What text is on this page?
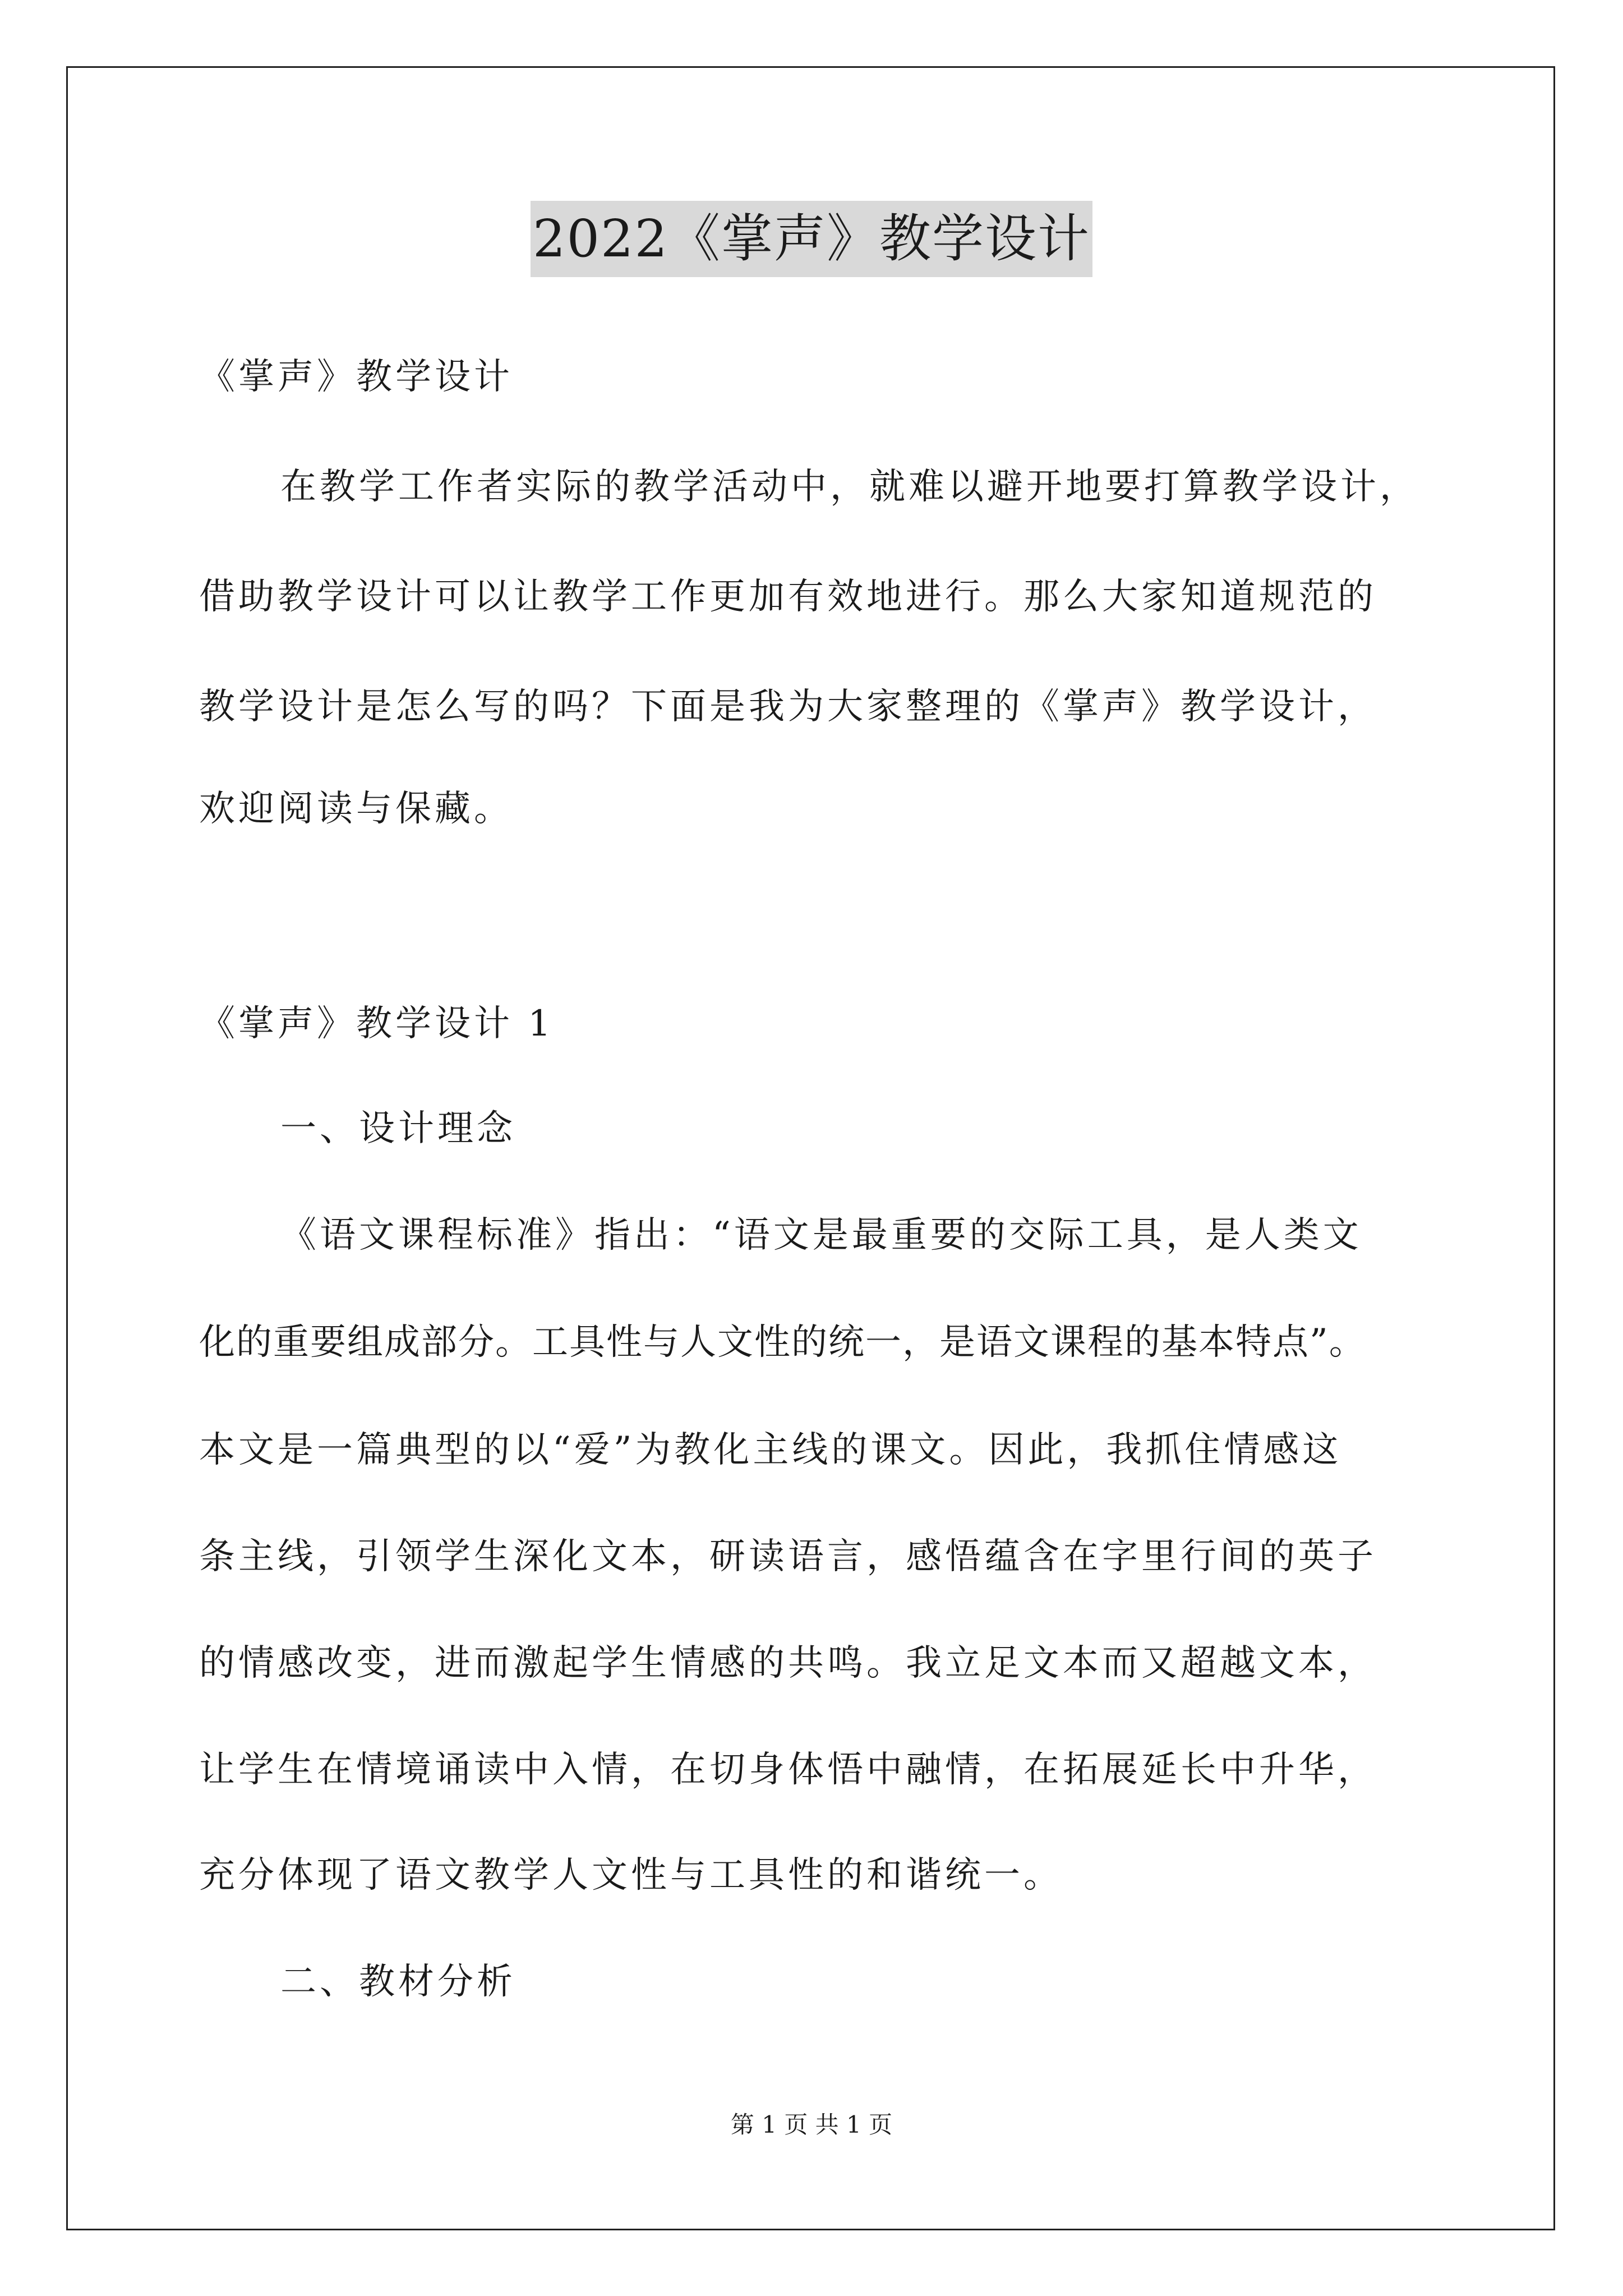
2022《掌声》教学设计
《掌声》教学设计
在教学工作者实际的教学活动中，就难以避开地要打算教学设计，
借助教学设计可以让教学工作更加有效地进行。那么大家知道规范的
教学设计是怎么写的吗？下面是我为大家整理的《掌声》教学设计，
欢迎阅读与保藏。
《掌声》教学设计 1
一、设计理念
《语文课程标准》指出：“语文是最重要的交际工具，是人类文
化的重要组成部分。工具性与人文性的统一，是语文课程的基本特点”。
本文是一篇典型的以“爱”为教化主线的课文。因此，我抓住情感这
条主线，引领学生深化文本，研读语言，感悟蕴含在字里行间的英子
的情感改变，进而激起学生情感的共鸣。我立足文本而又超越文本，
让学生在情境诵读中入情，在切身体悟中融情，在拓展延长中升华，
充分体现了语文教学人文性与工具性的和谐统一。
二、教材分析
第 1 页 共 1 页
